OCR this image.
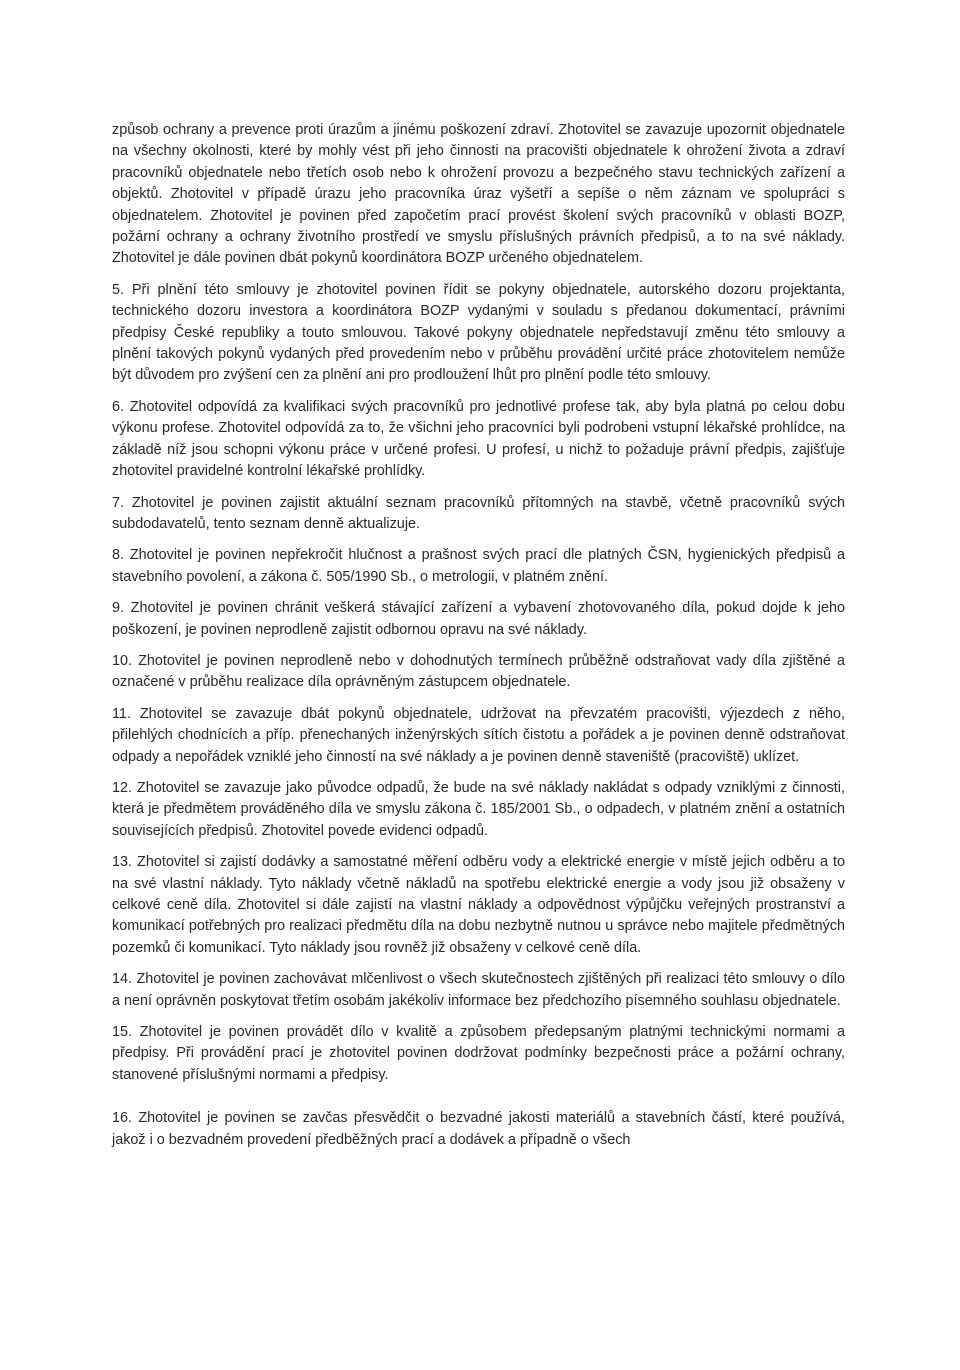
způsob ochrany a prevence proti úrazům a jinému poškození zdraví. Zhotovitel se zavazuje upozornit objednatele na všechny okolnosti, které by mohly vést při jeho činnosti na pracovišti objednatele k ohrožení života a zdraví pracovníků objednatele nebo třetích osob nebo k ohrožení provozu a bezpečného stavu technických zařízení a objektů. Zhotovitel v případě úrazu jeho pracovníka úraz vyšetří a sepíše o něm záznam ve spolupráci s objednatelem. Zhotovitel je povinen před započetím prací provést školení svých pracovníků v oblasti BOZP, požární ochrany a ochrany životního prostředí ve smyslu příslušných právních předpisů, a to na své náklady. Zhotovitel je dále povinen dbát pokynů koordinátora BOZP určeného objednatelem.

5. Při plnění této smlouvy je zhotovitel povinen řídit se pokyny objednatele, autorského dozoru projektanta, technického dozoru investora a koordinátora BOZP vydanými v souladu s předanou dokumentací, právními předpisy České republiky a touto smlouvou. Takové pokyny objednatele nepředstavují změnu této smlouvy a plnění takových pokynů vydaných před provedením nebo v průběhu provádění určité práce zhotovitelem nemůže být důvodem pro zvýšení cen za plnění ani pro prodloužení lhůt pro plnění podle této smlouvy.

6. Zhotovitel odpovídá za kvalifikaci svých pracovníků pro jednotlivé profese tak, aby byla platná po celou dobu výkonu profese. Zhotovitel odpovídá za to, že všichni jeho pracovníci byli podrobeni vstupní lékařské prohlídce, na základě níž jsou schopni výkonu práce v určené profesi. U profesí, u nichž to požaduje právní předpis, zajišťuje zhotovitel pravidelné kontrolní lékařské prohlídky.

7. Zhotovitel je povinen zajistit aktuální seznam pracovníků přítomných na stavbě, včetně pracovníků svých subdodavatelů, tento seznam denně aktualizuje.

8. Zhotovitel je povinen nepřekročit hlučnost a prašnost svých prací dle platných ČSN, hygienických předpisů a stavebního povolení, a zákona č. 505/1990 Sb., o metrologii, v platném znění.

9. Zhotovitel je povinen chránit veškerá stávající zařízení a vybavení zhotovovaného díla, pokud dojde k jeho poškození, je povinen neprodleně zajistit odbornou opravu na své náklady.

10. Zhotovitel je povinen neprodleně nebo v dohodnutých termínech průběžně odstraňovat vady díla zjištěné a označené v průběhu realizace díla oprávněným zástupcem objednatele.

11. Zhotovitel se zavazuje dbát pokynů objednatele, udržovat na převzatém pracovišti, výjezdech z něho, přilehlých chodnících a příp. přenechaných inženýrských sítích čistotu a pořádek a je povinen denně odstraňovat odpady a nepořádek vzniklé jeho činností na své náklady a je povinen denně staveniště (pracoviště) uklízet.

12. Zhotovitel se zavazuje jako původce odpadů, že bude na své náklady nakládat s odpady vzniklými z činnosti, která je předmětem prováděného díla ve smyslu zákona č. 185/2001 Sb., o odpadech, v platném znění a ostatních souvisejících předpisů. Zhotovitel povede evidenci odpadů.

13. Zhotovitel si zajistí dodávky a samostatné měření odběru vody a elektrické energie v místě jejich odběru a to na své vlastní náklady. Tyto náklady včetně nákladů na spotřebu elektrické energie a vody jsou již obsaženy v celkové ceně díla. Zhotovitel si dále zajistí na vlastní náklady a odpovědnost výpůjčku veřejných prostranství a komunikací potřebných pro realizaci předmětu díla na dobu nezbytně nutnou u správce nebo majitele předmětných pozemků či komunikací. Tyto náklady jsou rovněž již obsaženy v celkové ceně díla.

14. Zhotovitel je povinen zachovávat mlčenlivost o všech skutečnostech zjištěných při realizaci této smlouvy o dílo a není oprávněn poskytovat třetím osobám jakékoliv informace bez předchozího písemného souhlasu objednatele.

15. Zhotovitel je povinen provádět dílo v kvalitě a způsobem předepsaným platnými technickými normami a předpisy. Při provádění prací je zhotovitel povinen dodržovat podmínky bezpečnosti práce a požární ochrany, stanovené příslušnými normami a předpisy.

16. Zhotovitel je povinen se zavčas přesvědčit o bezvadné jakosti materiálů a stavebních částí, které používá, jakož i o bezvadném provedení předběžných prací a dodávek a případně o všech
